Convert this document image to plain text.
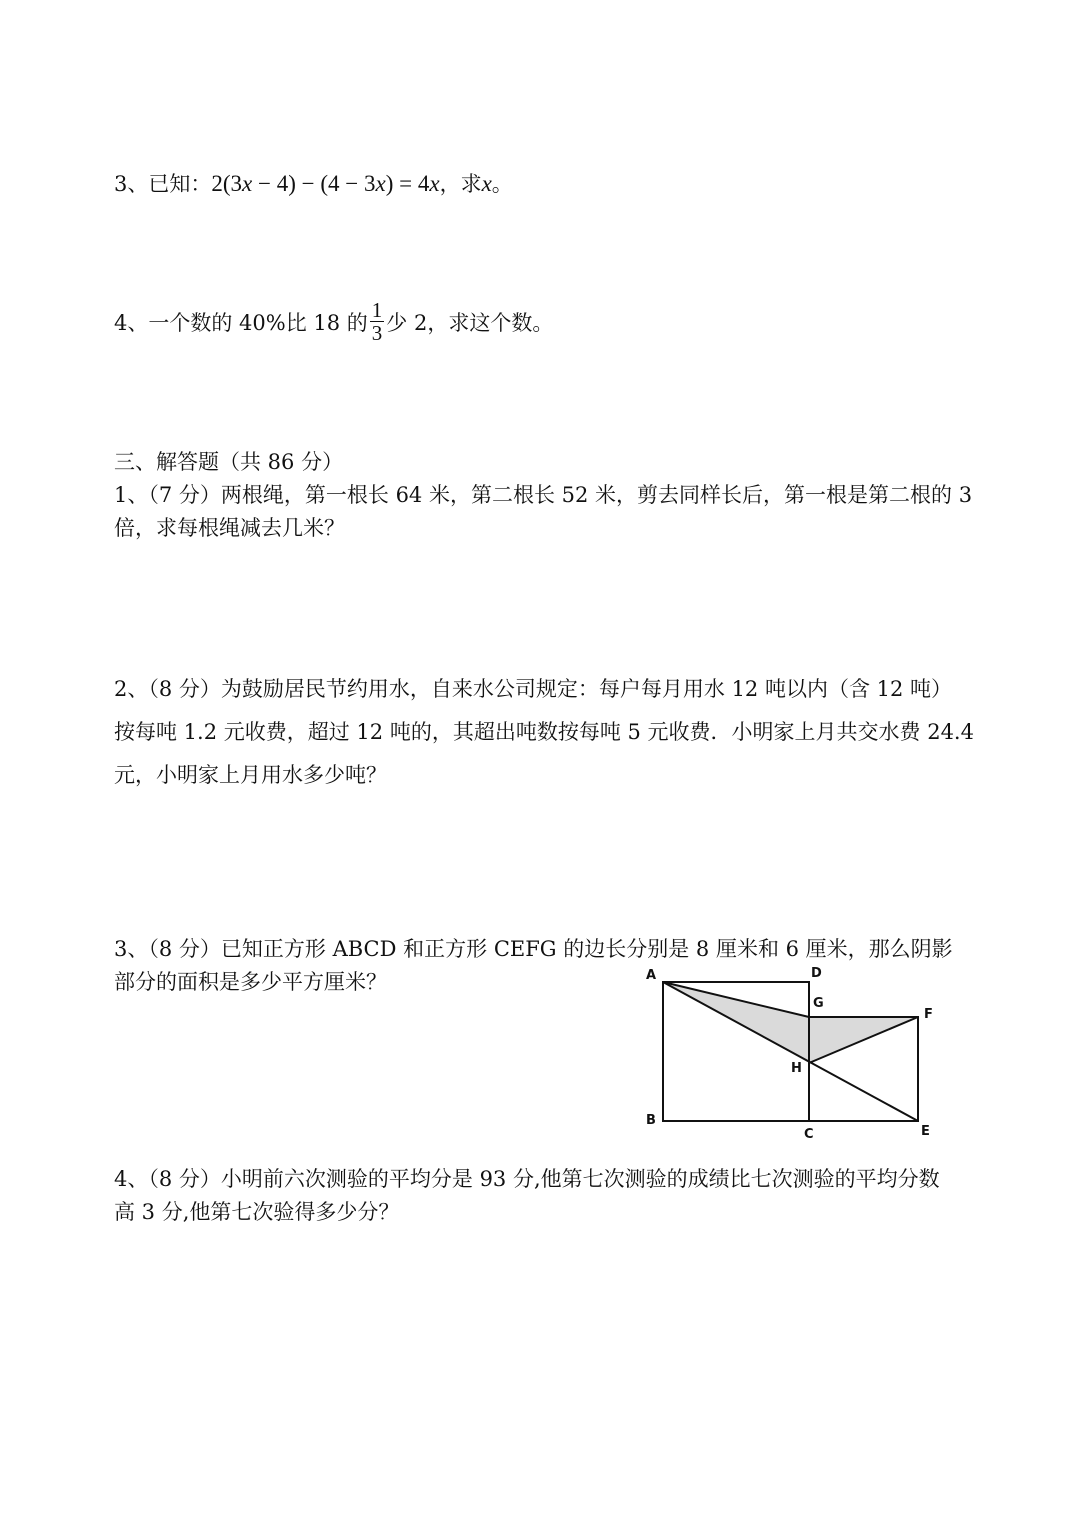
3、已知：2(3x − 4) − (4 − 3x) = 4x，求x。
4、一个数的 40%比 18 的 $\frac{1}{3}$ 少 2，求这个数。
三、解答题（共 86 分）
1、（7 分）两根绳，第一根长 64 米，第二根长 52 米，剪去同样长后，第一根是第二根的 3
倍，求每根绳减去几米？
2、（8 分）为鼓励居民节约用水，自来水公司规定：每户每月用水 12 吨以内（含 12 吨）
按每吨 1.2 元收费，超过 12 吨的，其超出吨数按每吨 5 元收费．小明家上月共交水费 24.4
元，小明家上月用水多少吨？
3、（8 分）已知正方形 ABCD 和正方形 CEFG 的边长分别是 8 厘米和 6 厘米，那么阴影
部分的面积是多少平方厘米？	A
B
C
D
E
F
G
H
4、（8 分）小明前六次测验的平均分是 93 分,他第七次测验的成绩比七次测验的平均分数
高 3 分,他第七次验得多少分？
